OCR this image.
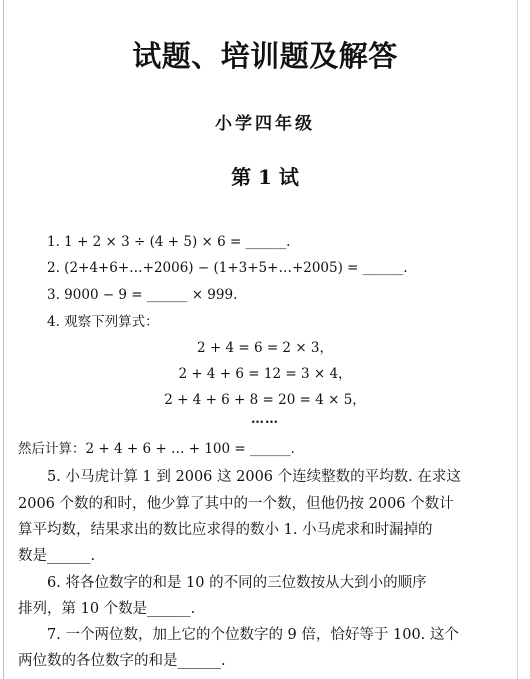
试题、培训题及解答
小学四年级
第 1 试
1. 1 + 2 × 3 ÷ (4 + 5) × 6 = ______.
2. (2+4+6+…+2006) − (1+3+5+…+2005) = ______.
3. 9000 − 9 = ______ × 999.
4. 观察下列算式：
2 + 4 = 6 = 2 × 3，
2 + 4 + 6 = 12 = 3 × 4，
2 + 4 + 6 + 8 = 20 = 4 × 5，
……
然后计算：2 + 4 + 6 + … + 100 = ______.
5. 小马虎计算 1 到 2006 这 2006 个连续整数的平均数. 在求这
2006 个数的和时，他少算了其中的一个数，但他仍按 2006 个数计
算平均数，结果求出的数比应求得的数小 1. 小马虎求和时漏掉的
数是______.
6. 将各位数字的和是 10 的不同的三位数按从大到小的顺序
排列，第 10 个数是______.
7. 一个两位数，加上它的个位数字的 9 倍，恰好等于 100. 这个
两位数的各位数字的和是______.
